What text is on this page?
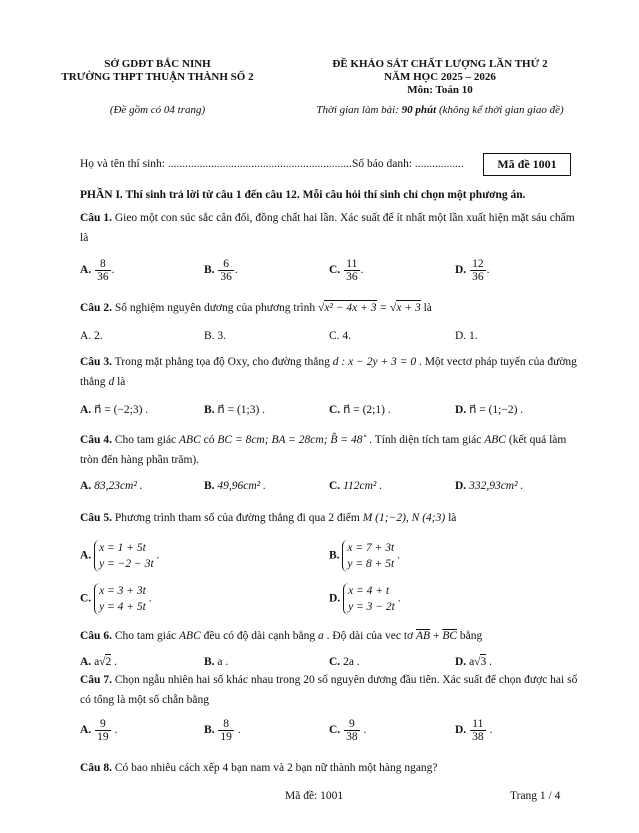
SỞ GDĐT BẮC NINH
TRƯỜNG THPT THUẬN THÀNH SỐ 2
(Đề gồm có 04 trang)
ĐỀ KHẢO SÁT CHẤT LƯỢNG LẦN THỨ 2
NĂM HỌC 2025 – 2026
Môn: Toán 10
Thời gian làm bài: 90 phút (không kể thời gian giao đề)
Họ và tên thí sinh: ................................................................ Số báo danh: .................	Mã đề 1001
PHẦN I. Thí sinh trả lời từ câu 1 đến câu 12. Mỗi câu hỏi thí sinh chỉ chọn một phương án.
Câu 1. Gieo một con súc sắc cân đối, đồng chất hai lần. Xác suất để ít nhất một lần xuất hiện mặt sáu chấm là
A. $\frac{8}{36}$ .	B. $\frac{6}{36}$ .	C. $\frac{11}{36}$ .	D. $\frac{12}{36}$ .
Câu 2. Số nghiệm nguyên dương của phương trình √x² − 4x + 3 = √x + 3 là
A. 2.	B. 3.	C. 4.	D. 1.
Câu 3. Trong mặt phẳng tọa độ Oxy, cho đường thẳng d : x − 2y + 3 = 0 . Một vectơ pháp tuyến của đường thẳng d là
A. n⃗ = (−2;3) .	B. n⃗ = (1;3) .	C. n⃗ = (2;1) .	D. n⃗ = (1;−2) .
Câu 4. Cho tam giác ABC có BC = 8cm; BA = 28cm; B̂ = 48˚ . Tính diện tích tam giác ABC (kết quả làm tròn đến hàng phần trăm).
A. 83,23cm² .	B. 49,96cm² .	C. 112cm² .	D. 332,93cm² .
Câu 5. Phương trình tham số của đường thẳng đi qua 2 điểm M (1;−2), N (4;3) là
A.
x = 1 + 5t
y = −2 − 3t
.	B.
x = 7 + 3t
y = 8 + 5t
.
C.
x = 3 + 3t
y = 4 + 5t
.	D.
x = 4 + t
y = 3 − 2t
.
Câu 6. Cho tam giác ABC đều có độ dài cạnh bằng a . Độ dài của vec tơ $\overline{AB} + \overline{BC}$ bằng
A. a√2 .	B. a .	C. 2a .	D. a√3 .
Câu 7. Chọn ngẫu nhiên hai số khác nhau trong 20 số nguyên dương đầu tiên. Xác suất để chọn được hai số có tổng là một số chẵn bằng
A. $\frac{9}{19}$ .	B. $\frac{8}{19}$ .	C. $\frac{9}{38}$ .	D. $\frac{11}{38}$ .
Câu 8. Có bao nhiêu cách xếp 4 bạn nam và 2 bạn nữ thành một hàng ngang?
Mã đề: 1001	Trang 1 / 4
